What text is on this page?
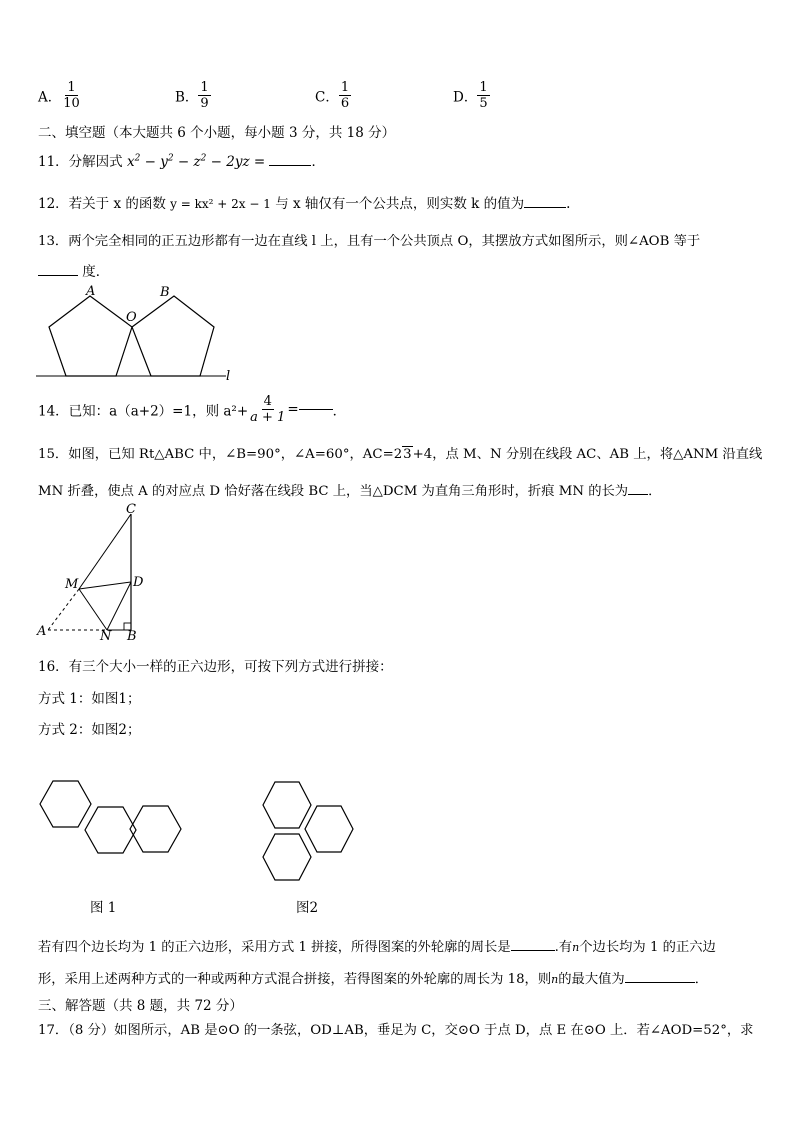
A． $\frac{1}{10}$	B． $\frac{1}{9}$	C． $\frac{1}{6}$	D． $\frac{1}{5}$
二、填空题（本大题共 6 个小题，每小题 3 分，共 18 分）
11．分解因式 $x^2 - y^2 - z^2 - 2yz$ =	．
12．若关于 x 的函数 y = kx² + 2x − 1 与 x 轴仅有一个公共点，则实数 k 的值为	.
13．两个完全相同的正五边形都有一边在直线 l 上，且有一个公共顶点 O，其摆放方式如图所示，则∠AOB 等于
度．
A	B
O
l
14．已知：a（a+2）=1，则 $a^2+ \frac{4}{a + 1}$ =	．
15．如图，已知 Rt△ABC 中，∠B=90°，∠A=60°，AC=23+4，点 M、N 分别在线段 AC、AB 上，将△ANM 沿直线
MN 折叠，使点 A 的对应点 D 恰好落在线段 BC 上，当△DCM 为直角三角形时，折痕 MN 的长为 ．
C
M	D
A	N B
16．有三个大小一样的正六边形，可按下列方式进行拼接：
方式 1：如图1；
方式 2：如图2；
图 1	图2
若有四个边长均为 1 的正六边形，采用方式 1 拼接，所得图案的外轮廓的周长是	.有n个边长均为 1 的正六边
形，采用上述两种方式的一种或两种方式混合拼接，若得图案的外轮廓的周长为 18，则n的最大值为	．
三、解答题（共 8 题，共 72 分）
17．（8 分）如图所示，AB 是⊙O 的一条弦，OD⊥AB，垂足为 C，交⊙O 于点 D，点 E 在⊙O 上．若∠AOD=52°，求
